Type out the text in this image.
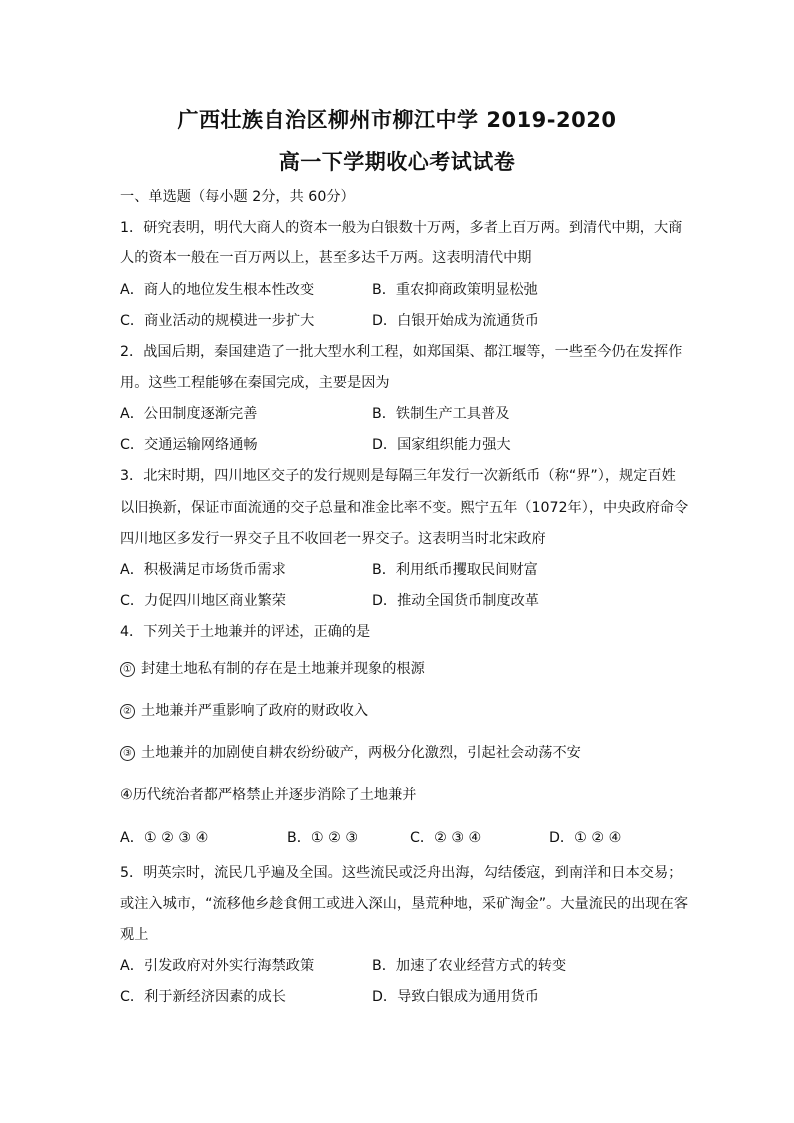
广西壮族自治区柳州市柳江中学 2019-2020
高一下学期收心考试试卷
一、单选题（每小题 2分，共 60分）
1．研究表明，明代大商人的资本一般为白银数十万两，多者上百万两。到清代中期，大商
人的资本一般在一百万两以上，甚至多达千万两。这表明清代中期
A．商人的地位发生根本性改变	B．重农抑商政策明显松弛
C．商业活动的规模进一步扩大	D．白银开始成为流通货币
2．战国后期，秦国建造了一批大型水利工程，如郑国渠、都江堰等，一些至今仍在发挥作
用。这些工程能够在秦国完成，主要是因为
A．公田制度逐渐完善	B．铁制生产工具普及
C．交通运输网络通畅	D．国家组织能力强大
3．北宋时期，四川地区交子的发行规则是每隔三年发行一次新纸币（称“界”），规定百姓
以旧换新，保证市面流通的交子总量和准金比率不变。熙宁五年（1072年），中央政府命令
四川地区多发行一界交子且不收回老一界交子。这表明当时北宋政府
A．积极满足市场货币需求	B．利用纸币攫取民间财富
C．力促四川地区商业繁荣	D．推动全国货币制度改革
4．下列关于土地兼并的评述，正确的是
① 封建土地私有制的存在是土地兼并现象的根源
② 土地兼并严重影响了政府的财政收入
③ 土地兼并的加剧使自耕农纷纷破产，两极分化激烈，引起社会动荡不安
④历代统治者都严格禁止并逐步消除了土地兼并
A．① ② ③ ④	B．① ② ③	C．② ③ ④	D．① ② ④
5．明英宗时，流民几乎遍及全国。这些流民或泛舟出海，勾结倭寇，到南洋和日本交易；
或注入城市，“流移他乡趁食佣工或进入深山，垦荒种地，采矿淘金”。大量流民的出现在客
观上
A．引发政府对外实行海禁政策	B．加速了农业经营方式的转变
C．利于新经济因素的成长	D．导致白银成为通用货币
